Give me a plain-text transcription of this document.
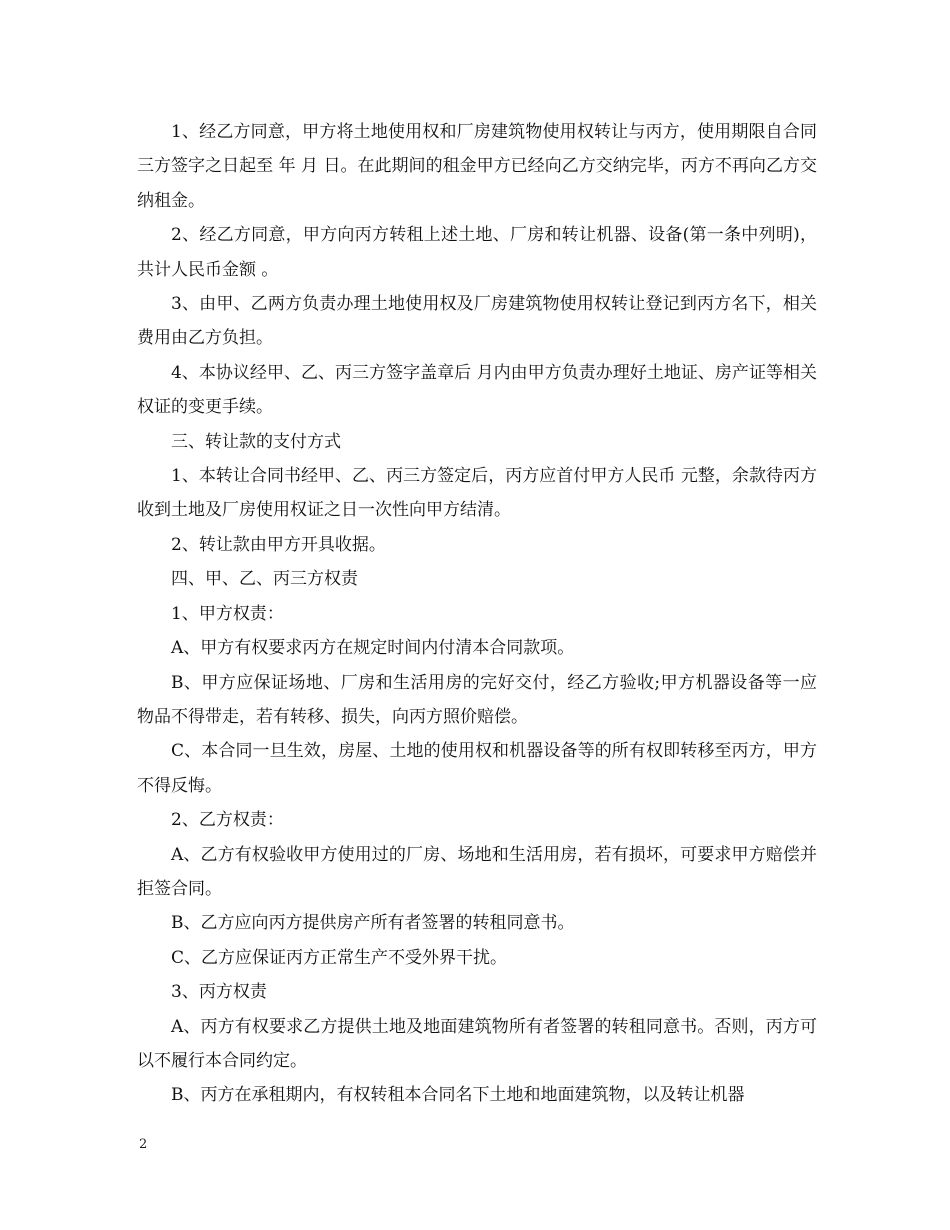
1、经乙方同意，甲方将土地使用权和厂房建筑物使用权转让与丙方，使用期限自合同三方签字之日起至 年 月 日。在此期间的租金甲方已经向乙方交纳完毕，丙方不再向乙方交纳租金。

2、经乙方同意，甲方向丙方转租上述土地、厂房和转让机器、设备(第一条中列明)，共计人民币金额 。

3、由甲、乙两方负责办理土地使用权及厂房建筑物使用权转让登记到丙方名下，相关费用由乙方负担。

4、本协议经甲、乙、丙三方签字盖章后 月内由甲方负责办理好土地证、房产证等相关权证的变更手续。

三、转让款的支付方式

1、本转让合同书经甲、乙、丙三方签定后，丙方应首付甲方人民币 元整，余款待丙方收到土地及厂房使用权证之日一次性向甲方结清。

2、转让款由甲方开具收据。

四、甲、乙、丙三方权责

1、甲方权责：

A、甲方有权要求丙方在规定时间内付清本合同款项。

B、甲方应保证场地、厂房和生活用房的完好交付，经乙方验收;甲方机器设备等一应物品不得带走，若有转移、损失，向丙方照价赔偿。

C、本合同一旦生效，房屋、土地的使用权和机器设备等的所有权即转移至丙方，甲方不得反悔。

2、乙方权责：

A、乙方有权验收甲方使用过的厂房、场地和生活用房，若有损坏，可要求甲方赔偿并拒签合同。

B、乙方应向丙方提供房产所有者签署的转租同意书。

C、乙方应保证丙方正常生产不受外界干扰。

3、丙方权责

A、丙方有权要求乙方提供土地及地面建筑物所有者签署的转租同意书。否则，丙方可以不履行本合同约定。

B、丙方在承租期内，有权转租本合同名下土地和地面建筑物，以及转让机器

2
